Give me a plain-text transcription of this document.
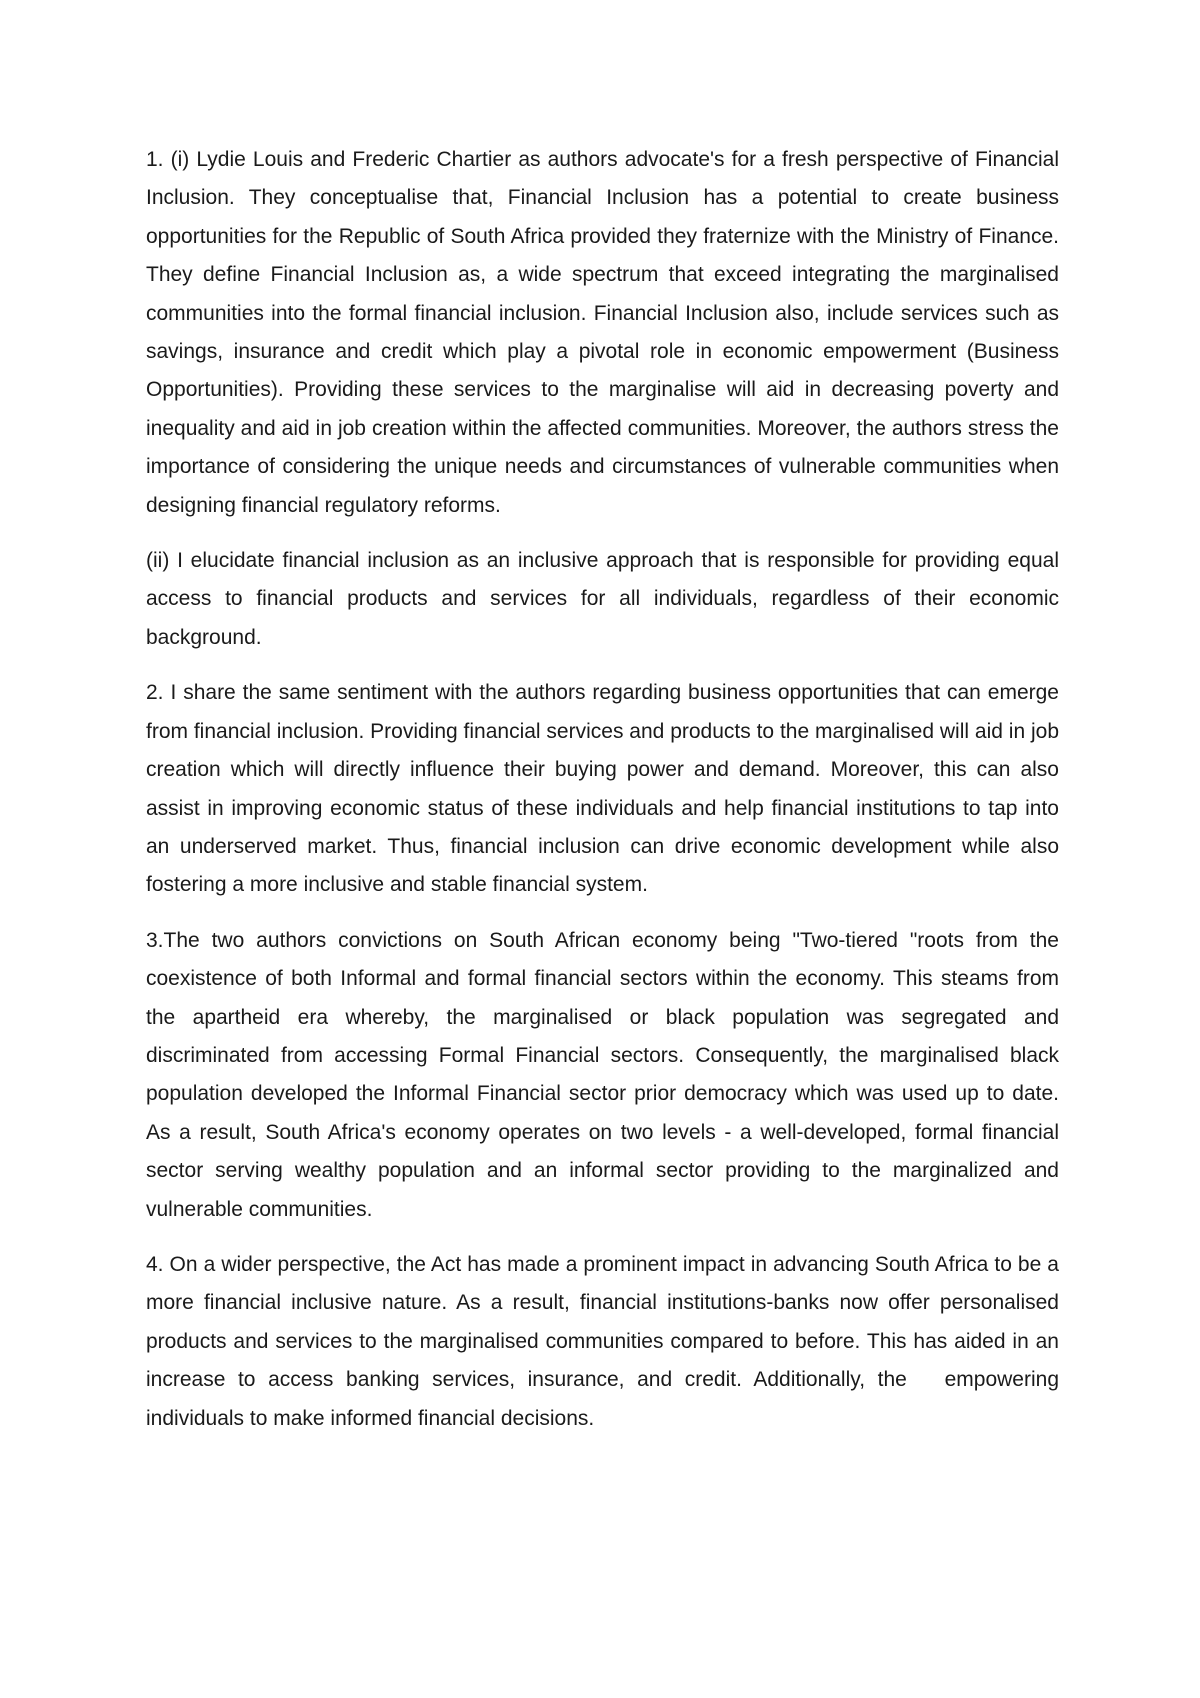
1. (i) Lydie Louis and Frederic Chartier as authors advocate's for a fresh perspective of Financial Inclusion. They conceptualise that, Financial Inclusion has a potential to create business opportunities for the Republic of South Africa provided they fraternize with the Ministry of Finance. They define Financial Inclusion as, a wide spectrum that exceed integrating the marginalised communities into the formal financial inclusion. Financial Inclusion also, include services such as savings, insurance and credit which play a pivotal role in economic empowerment (Business Opportunities). Providing these services to the marginalise will aid in decreasing poverty and inequality and aid in job creation within the affected communities. Moreover, the authors stress the importance of considering the unique needs and circumstances of vulnerable communities when designing financial regulatory reforms.

(ii) I elucidate financial inclusion as an inclusive approach that is responsible for providing equal access to financial products and services for all individuals, regardless of their economic background.

2. I share the same sentiment with the authors regarding business opportunities that can emerge from financial inclusion. Providing financial services and products to the marginalised will aid in job creation which will directly influence their buying power and demand. Moreover, this can also assist in improving economic status of these individuals and help financial institutions to tap into an underserved market. Thus, financial inclusion can drive economic development while also fostering a more inclusive and stable financial system.

3.The two authors convictions on South African economy being "Two-tiered "roots from the coexistence of both Informal and formal financial sectors within the economy. This steams from the apartheid era whereby, the marginalised or black population was segregated and discriminated from accessing Formal Financial sectors. Consequently, the marginalised black population developed the Informal Financial sector prior democracy which was used up to date. As a result, South Africa's economy operates on two levels - a well-developed, formal financial sector serving wealthy population and an informal sector providing to the marginalized and vulnerable communities.

4. On a wider perspective, the Act has made a prominent impact in advancing South Africa to be a more financial inclusive nature. As a result, financial institutions-banks now offer personalised products and services to the marginalised communities compared to before. This has aided in an increase to access banking services, insurance, and credit. Additionally, the   empowering individuals to make informed financial decisions.
